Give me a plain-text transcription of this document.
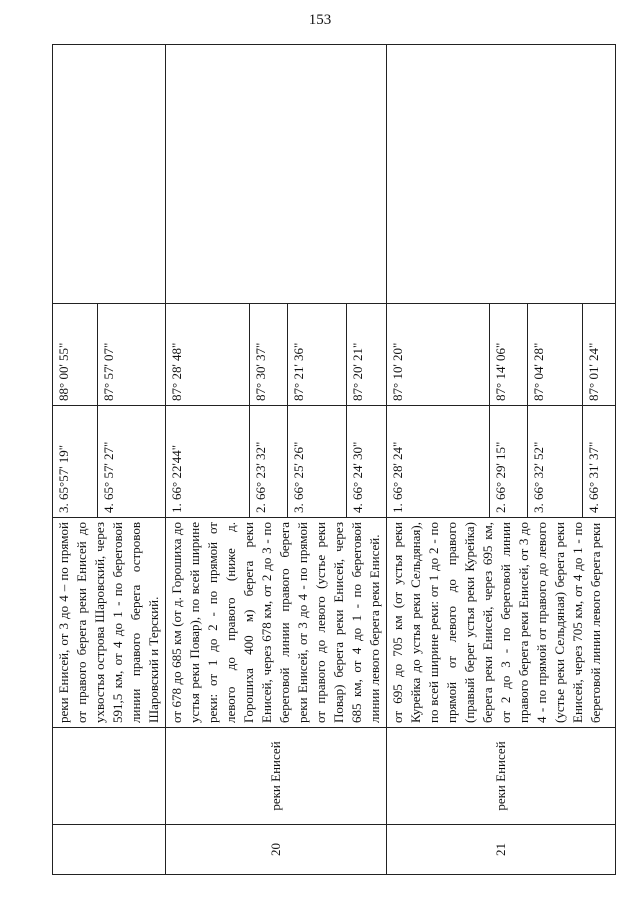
153
		реки Енисей, от 3 до 4 – по прямой от правого берега реки Енисей до ухвостья острова Шаровский, через 591,5 км, от 4 до 1 - по береговой линии правого берега островов Шаровский и Терский.	3. 65°57' 19"	88° 00' 55"	
			4. 65° 57' 27"	87° 57' 07"	
20	реки Енисей	от 678 до 685 км (от д. Горошиха до устья реки Повар), по всей ширине реки: от 1 до 2 - по прямой от левого до правого (ниже д. Горошиха 400 м) берега реки Енисей, через 678 км, от 2 до 3 - по береговой линии правого берега реки Енисей, от 3 до 4 - по прямой от правого до левого (устье реки Повар) берега реки Енисей, через 685 км, от 4 до 1 - по береговой линии левого берега реки Енисей.	1. 66° 22'44"	87° 28' 48"	
			2. 66° 23' 32"	87° 30' 37"	
			3. 66° 25' 26"	87° 21' 36"	
			4. 66° 24' 30"	87° 20' 21"	
21	реки Енисей	от 695 до 705 км (от устья реки Курейка до устья реки Сельдяная), по всей ширине реки: от 1 до 2 - по прямой от левого до правого (правый берег устья реки Курейка) берега реки Енисей, через 695 км, от 2 до 3 - по береговой линии правого берега реки Енисей, от 3 до 4 - по прямой от правого до левого (устье реки Сельдяная) берега реки Енисей, через 705 км, от 4 до 1 - по береговой линии левого берега реки	1. 66° 28' 24"	87° 10' 20"	
			2. 66° 29' 15"	87° 14' 06"	
			3. 66° 32' 52"	87° 04' 28"	
			4. 66° 31' 37"	87° 01' 24"	
